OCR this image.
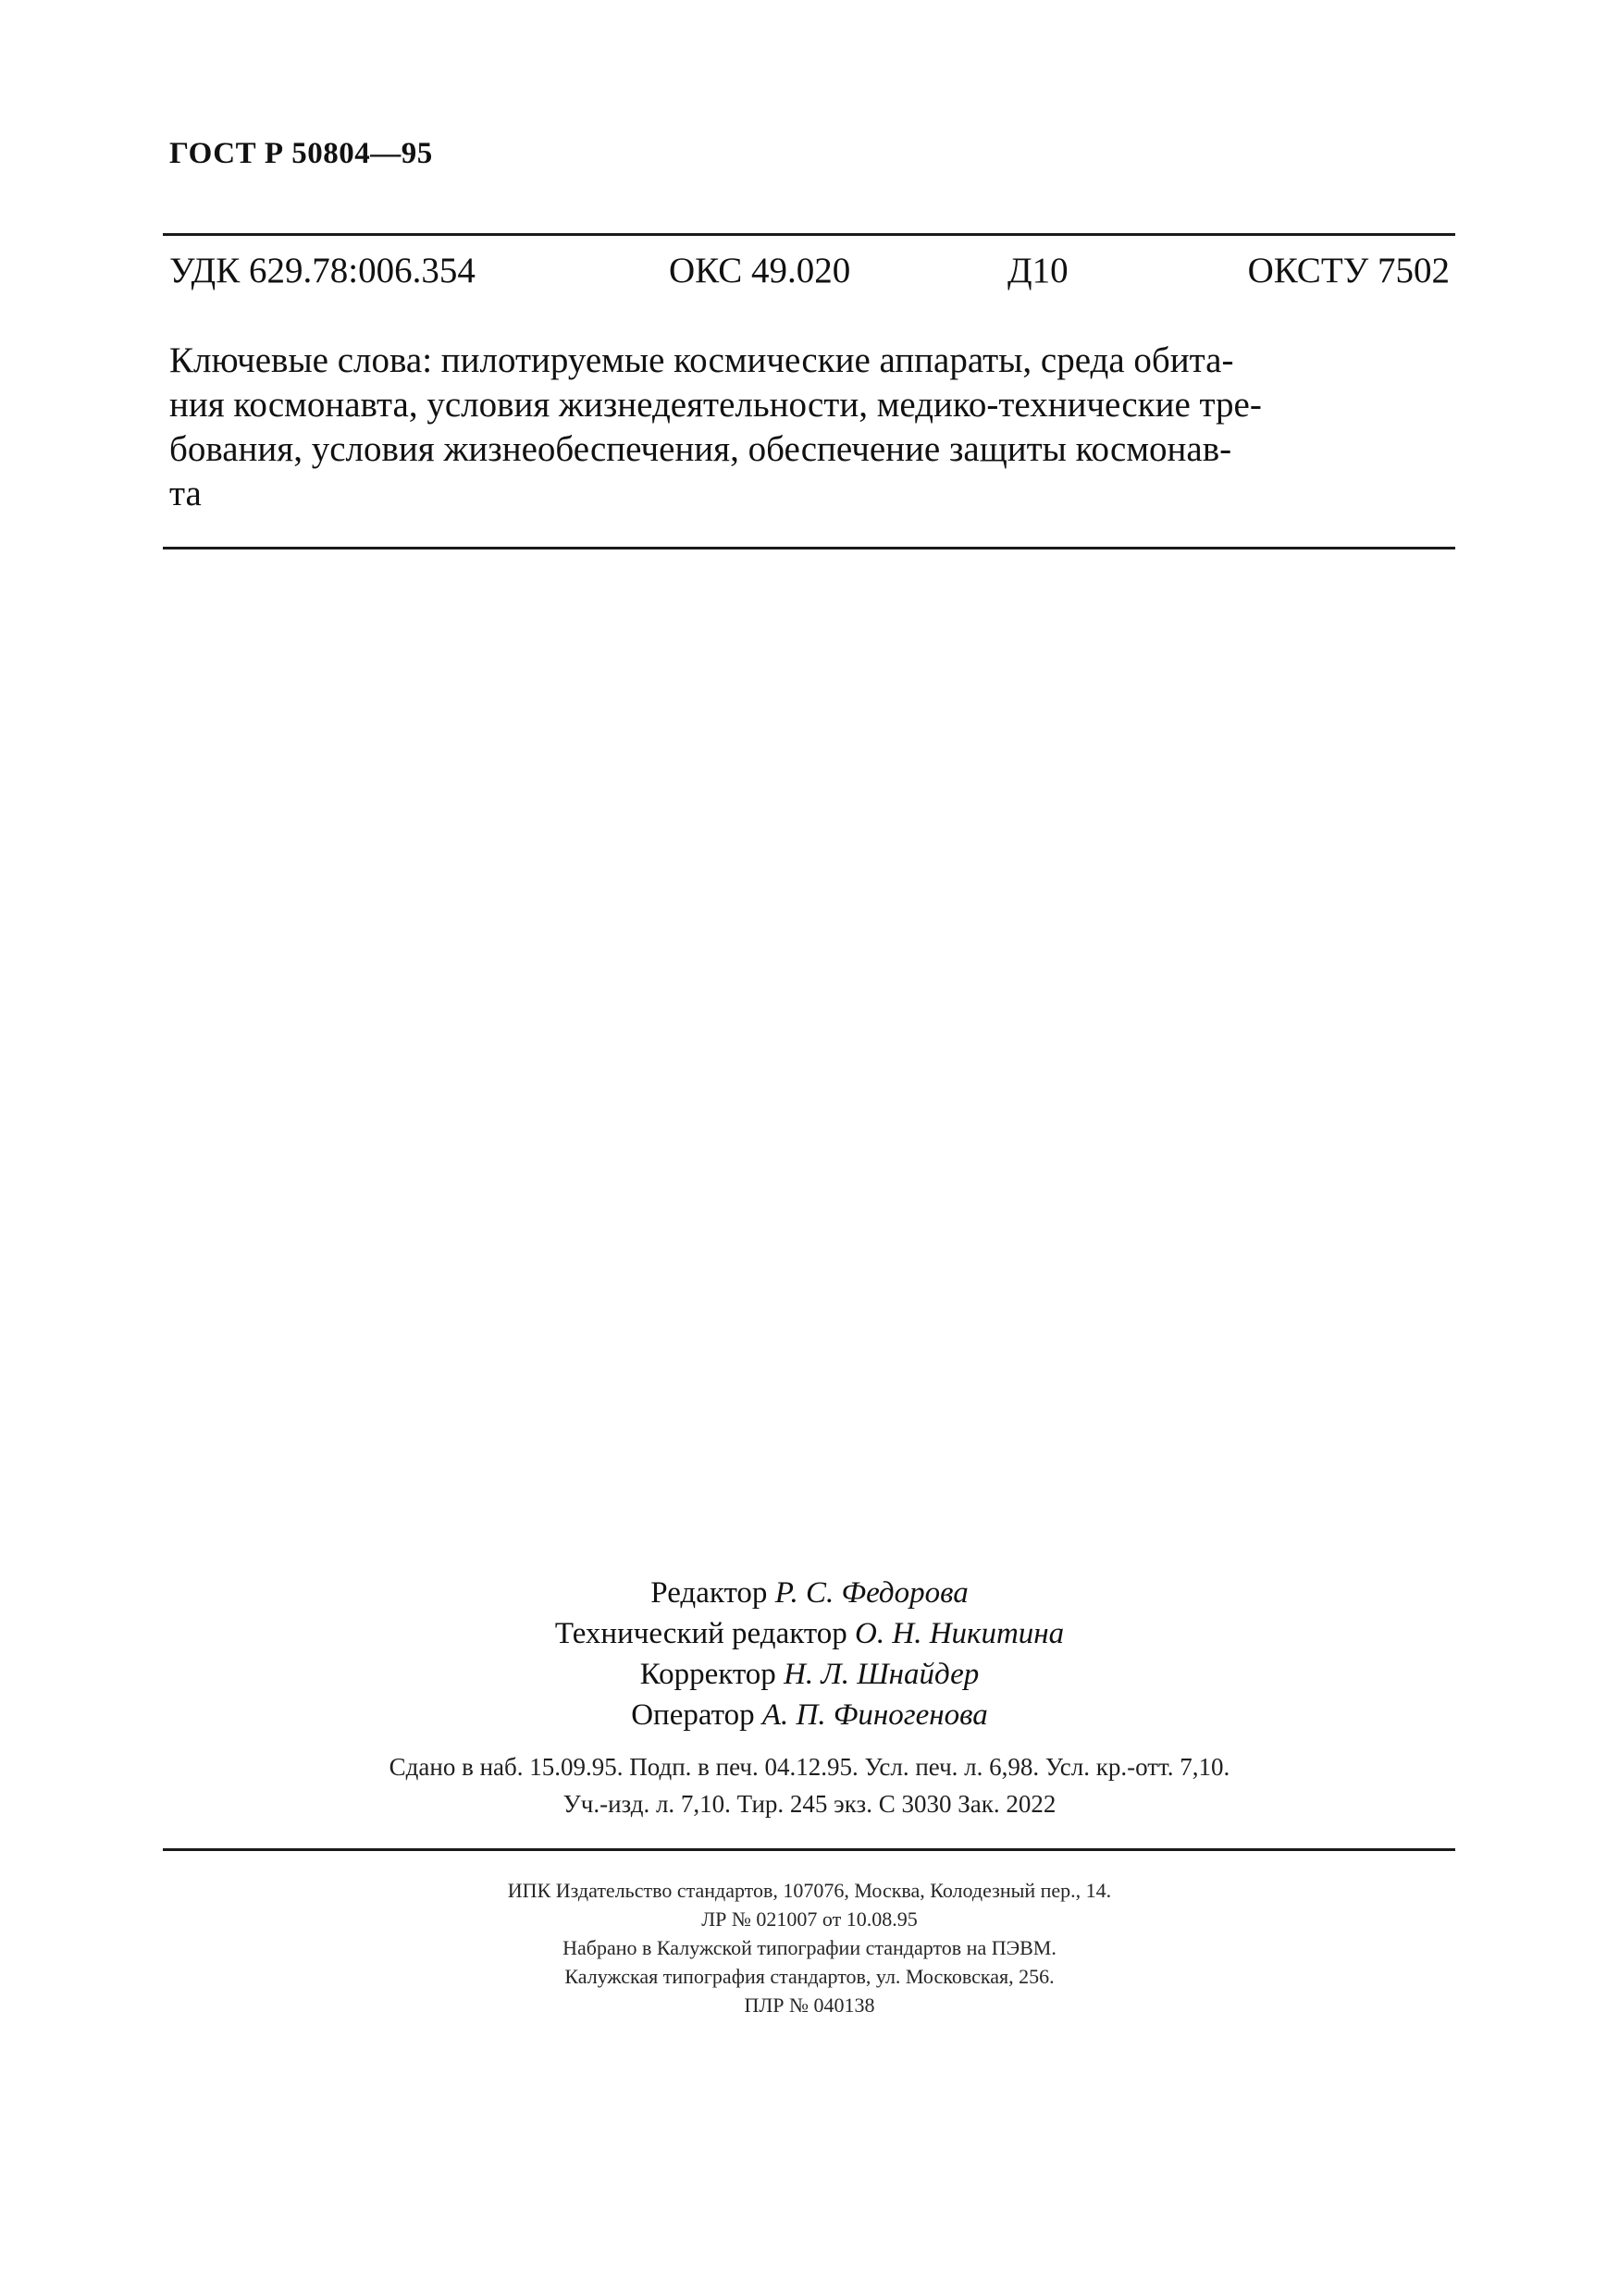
ГОСТ Р 50804—95
УДК 629.78:006.354	ОКС 49.020	Д10	ОКСТУ 7502
Ключевые слова: пилотируемые космические аппараты, среда обита-
ния космонавта, условия жизнедеятельности, медико-технические тре-
бования, условия жизнеобеспечения, обеспечение защиты космонав-
та
Редактор Р. С. Федорова
Технический редактор О. Н. Никитина
Корректор Н. Л. Шнайдер
Оператор А. П. Финогенова
Сдано в наб. 15.09.95. Подп. в печ. 04.12.95. Усл. печ. л. 6,98. Усл. кр.-отт. 7,10.
Уч.-изд. л. 7,10. Тир. 245 экз. С 3030 Зак. 2022
ИПК Издательство стандартов, 107076, Москва, Колодезный пер., 14.
ЛР № 021007 от 10.08.95
Набрано в Калужской типографии стандартов на ПЭВМ.
Калужская типография стандартов, ул. Московская, 256.
ПЛР № 040138
